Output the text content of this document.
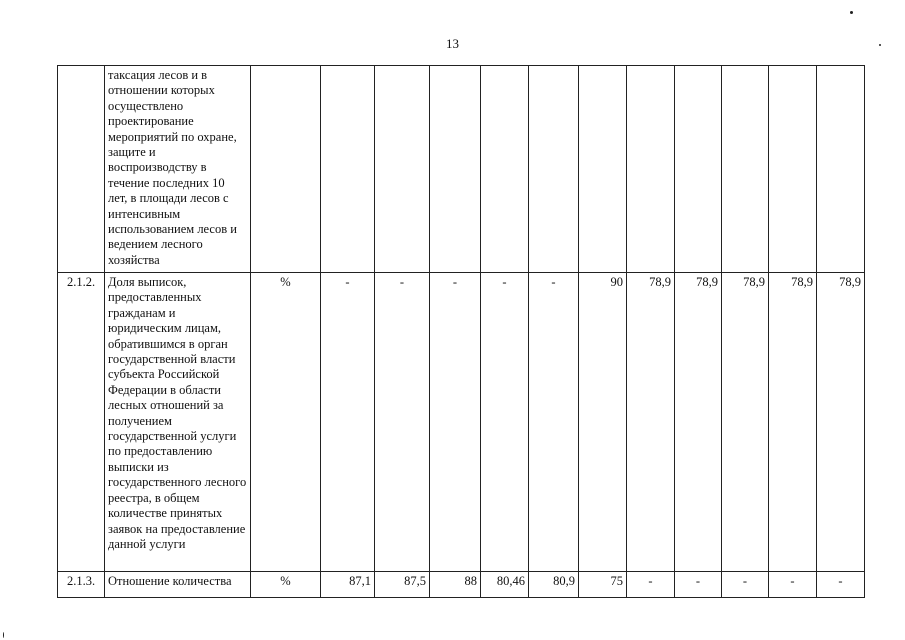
13
	таксация лесов и в отношении которых осуществлено проектирование мероприятий по охране, защите и воспроизводству в течение последних 10 лет, в площади лесов с интенсивным использованием лесов и ведением лесного хозяйства												
2.1.2.	Доля выписок, предоставленных гражданам и юридическим лицам, обратившимся в орган государственной власти субъекта Российской Федерации в области лесных отношений за получением государственной услуги по предоставлению выписки из государственного лесного реестра, в общем количестве принятых заявок на предоставление данной услуги	%	-	-	-	-	-	90	78,9	78,9	78,9	78,9	78,9
2.1.3.	Отношение количества	%	87,1	87,5	88	80,46	80,9	75	-	-	-	-	-
